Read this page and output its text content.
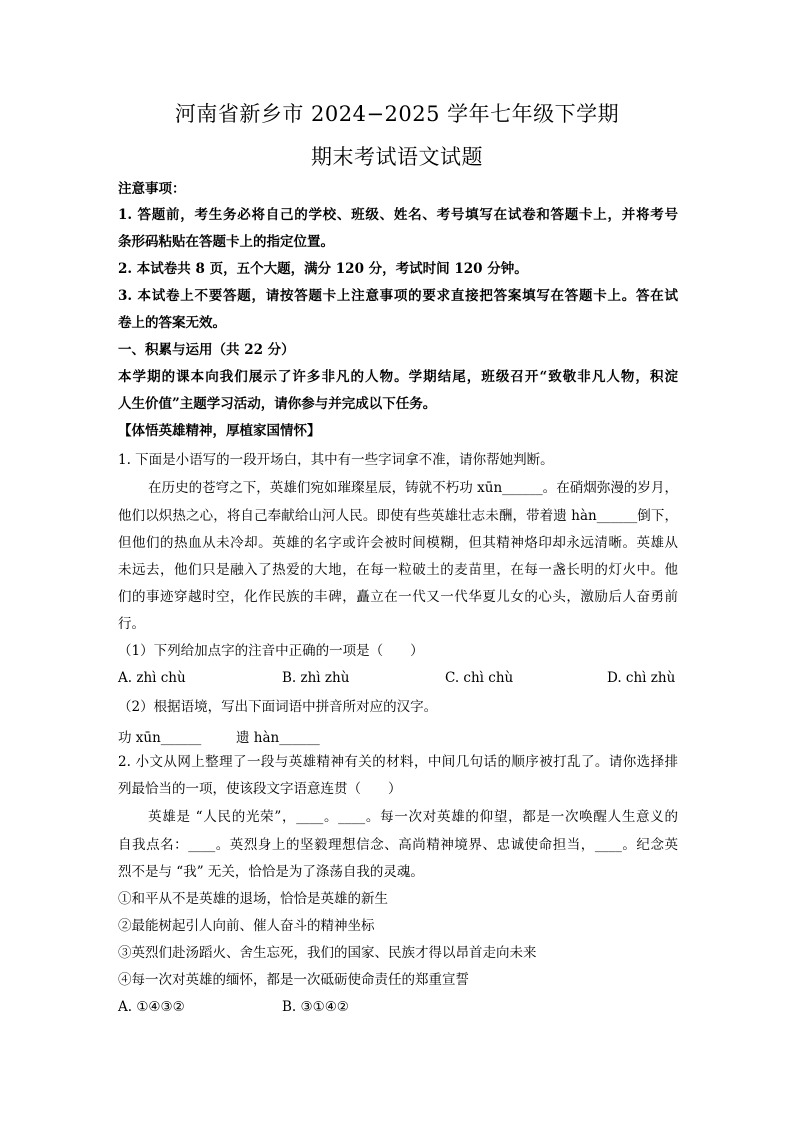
河南省新乡市 2024−2025 学年七年级下学期
期末考试语文试题
注意事项：
1. 答题前，考生务必将自己的学校、班级、姓名、考号填写在试卷和答题卡上，并将考号
条形码粘贴在答题卡上的指定位置。
2. 本试卷共 8 页，五个大题，满分 120 分，考试时间 120 分钟。
3. 本试卷上不要答题，请按答题卡上注意事项的要求直接把答案填写在答题卡上。答在试
卷上的答案无效。
一、积累与运用（共 22 分）
本学期的课本向我们展示了许多非凡的人物。学期结尾，班级召开“致敬非凡人物，积淀
人生价值”主题学习活动，请你参与并完成以下任务。
【体悟英雄精神，厚植家国情怀】
1. 下面是小语写的一段开场白，其中有一些字词拿不准，请你帮她判断。
在历史的苍穹之下，英雄们宛如璀璨星辰，铸就不朽功 xūn______。在硝烟弥漫的岁月，
他们以炽热之心，将自己奉献给山河人民。即使有些英雄壮志未酬，带着遗 hàn______倒下，
但他们的热血从未冷却。英雄的名字或许会被时间模糊，但其精神烙印却永远清晰。英雄从
未远去，他们只是融入了热爱的大地，在每一粒破土的麦苗里，在每一盏长明的灯火中。他
们的事迹穿越时空，化作民族的丰碑，矗立在一代又一代华夏儿女的心头，激励后人奋勇前
行。
（1）下列给加点字的注音中正确的一项是（　　）
A. zhì chù	B. zhì zhù	C. chì chù	D. chì zhù
（2）根据语境，写出下面词语中拼音所对应的汉字。
功 xūn______	遗 hàn______
2. 小文从网上整理了一段与英雄精神有关的材料，中间几句话的顺序被打乱了。请你选择排
列最恰当的一项，使该段文字语意连贯（　　）
英雄是 “人民的光荣”，____。____。每一次对英雄的仰望，都是一次唤醒人生意义的
自我点名：____。英烈身上的坚毅理想信念、高尚精神境界、忠诚使命担当，____。纪念英
烈不是与 “我” 无关，恰恰是为了涤荡自我的灵魂。
①和平从不是英雄的退场，恰恰是英雄的新生
②最能树起引人向前、催人奋斗的精神坐标
③英烈们赴汤蹈火、舍生忘死，我们的国家、民族才得以昂首走向未来
④每一次对英雄的缅怀，都是一次砥砺使命责任的郑重宣誓
A. ①④③②	B. ③①④②
